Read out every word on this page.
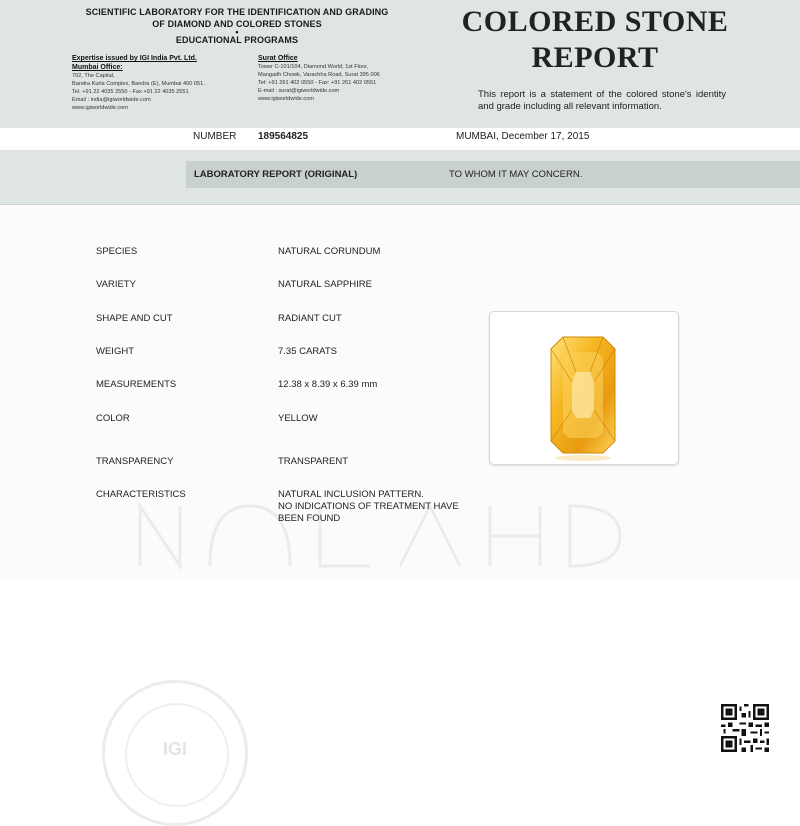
SCIENTIFIC LABORATORY FOR THE IDENTIFICATION AND GRADING
OF DIAMOND AND COLORED STONES
•
EDUCATIONAL PROGRAMS
Expertise issued by IGI India Pvt. Ltd.
Mumbai Office:
702, The Capital,
Bandra Kurla Complex, Bandra (E), Mumbai 400 051.
Tel. +91 22 4035 2550 - Fax +91 22 4035 2551
Email : india@igiworldwide.com
www.igiworldwide.com
Surat Office
Tower C-101/104, Diamond World, 1st Floor,
Mangadh Chowk, Varachha Road, Surat 395 006
Tel: +91 261 402 0550 - Fax: +91 261 402 0551
E-mail : surat@igiworldwide.com
www.igiworldwide.com
COLORED STONE
REPORT
This report is a statement of the colored stone's identity and grade including all relevant information.
NUMBER 189564825	MUMBAI, December 17, 2015
LABORATORY REPORT (ORIGINAL)	TO WHOM IT MAY CONCERN.
SPECIES	NATURAL CORUNDUM
VARIETY	NATURAL SAPPHIRE
SHAPE AND CUT	RADIANT CUT
WEIGHT	7.35 CARATS
MEASUREMENTS	12.38 x 8.39 x 6.39 mm
COLOR	YELLOW
TRANSPARENCY	TRANSPARENT
CHARACTERISTICS	NATURAL INCLUSION PATTERN.
NO INDICATIONS OF TREATMENT HAVE
BEEN FOUND
IGI
